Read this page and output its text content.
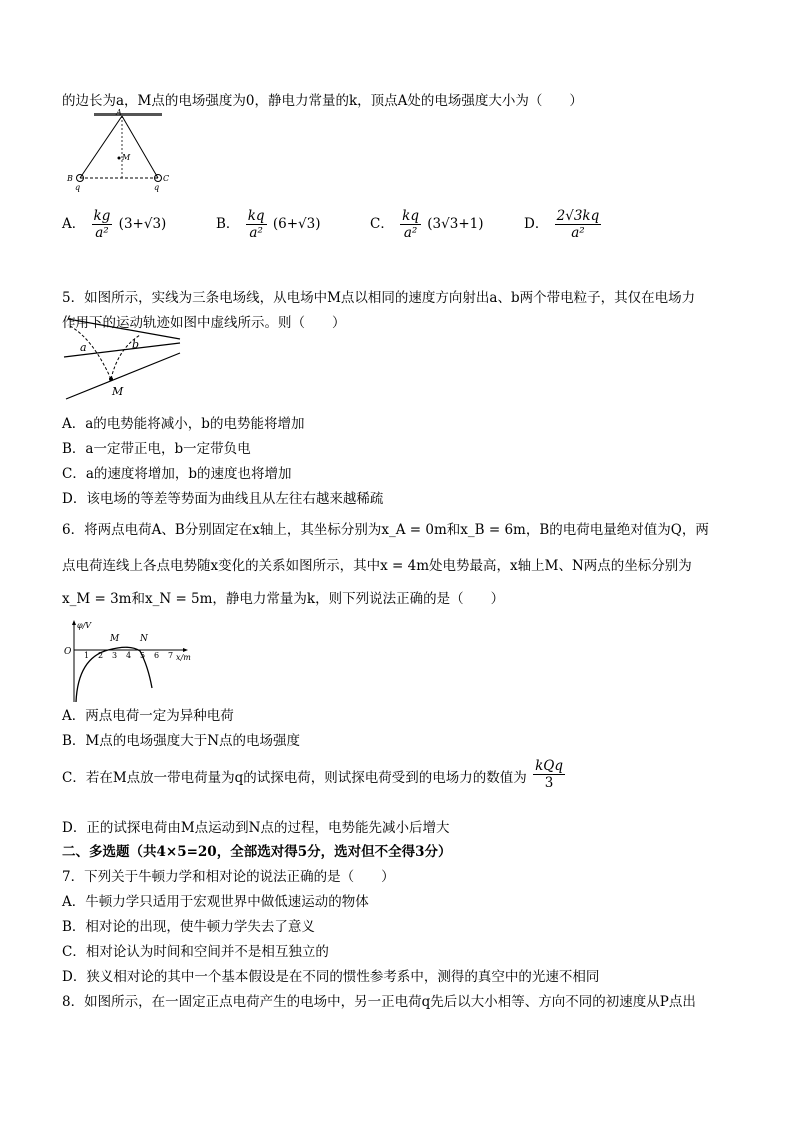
的边长为a，M点的电场强度为0，静电力常量的k，顶点A处的电场强度大小为（　　）
A
M
B	C
q	q
A． $\frac{kg}{\text{a²}} (3+√3)$	B． $\frac{kq}{\text{a²}} (6+√3)$	C． $\frac{kq}{\text{a²}} (3√3+1)$	D． $\frac{2√3kq}{\text{a²}}$
5．如图所示，实线为三条电场线，从电场中M点以相同的速度方向射出a、b两个带电粒子，其仅在电场力
作用下的运动轨迹如图中虚线所示。则（　　）
a	b
M
A．a的电势能将减小，b的电势能将增加
B．a一定带正电，b一定带负电
C．a的速度将增加，b的速度也将增加
D．该电场的等差等势面为曲线且从左往右越来越稀疏
6．将两点电荷A、B分别固定在x轴上，其坐标分别为x_A = 0m和x_B = 6m，B的电荷电量绝对值为Q，两
点电荷连线上各点电势随x变化的关系如图所示，其中x = 4m处电势最高，x轴上M、N两点的坐标分别为
x_M = 3m和x_N = 5m，静电力常量为k，则下列说法正确的是（　　）
φ/V
x/m
O 1 2 3 4 5 6 7
M N
A．两点电荷一定为异种电荷
B．M点的电场强度大于N点的电场强度
C．若在M点放一带电荷量为q的试探电荷，则试探电荷受到的电场力的数值为 $\frac{\text{kQq}}{3}$
D．正的试探电荷由M点运动到N点的过程，电势能先减小后增大
二、多选题（共4×5=20，全部选对得5分，选对但不全得3分）
7．下列关于牛顿力学和相对论的说法正确的是（　　）
A．牛顿力学只适用于宏观世界中做低速运动的物体
B．相对论的出现，使牛顿力学失去了意义
C．相对论认为时间和空间并不是相互独立的
D．狭义相对论的其中一个基本假设是在不同的惯性参考系中，测得的真空中的光速不相同
8．如图所示，在一固定正点电荷产生的电场中，另一正电荷q先后以大小相等、方向不同的初速度从P点出
